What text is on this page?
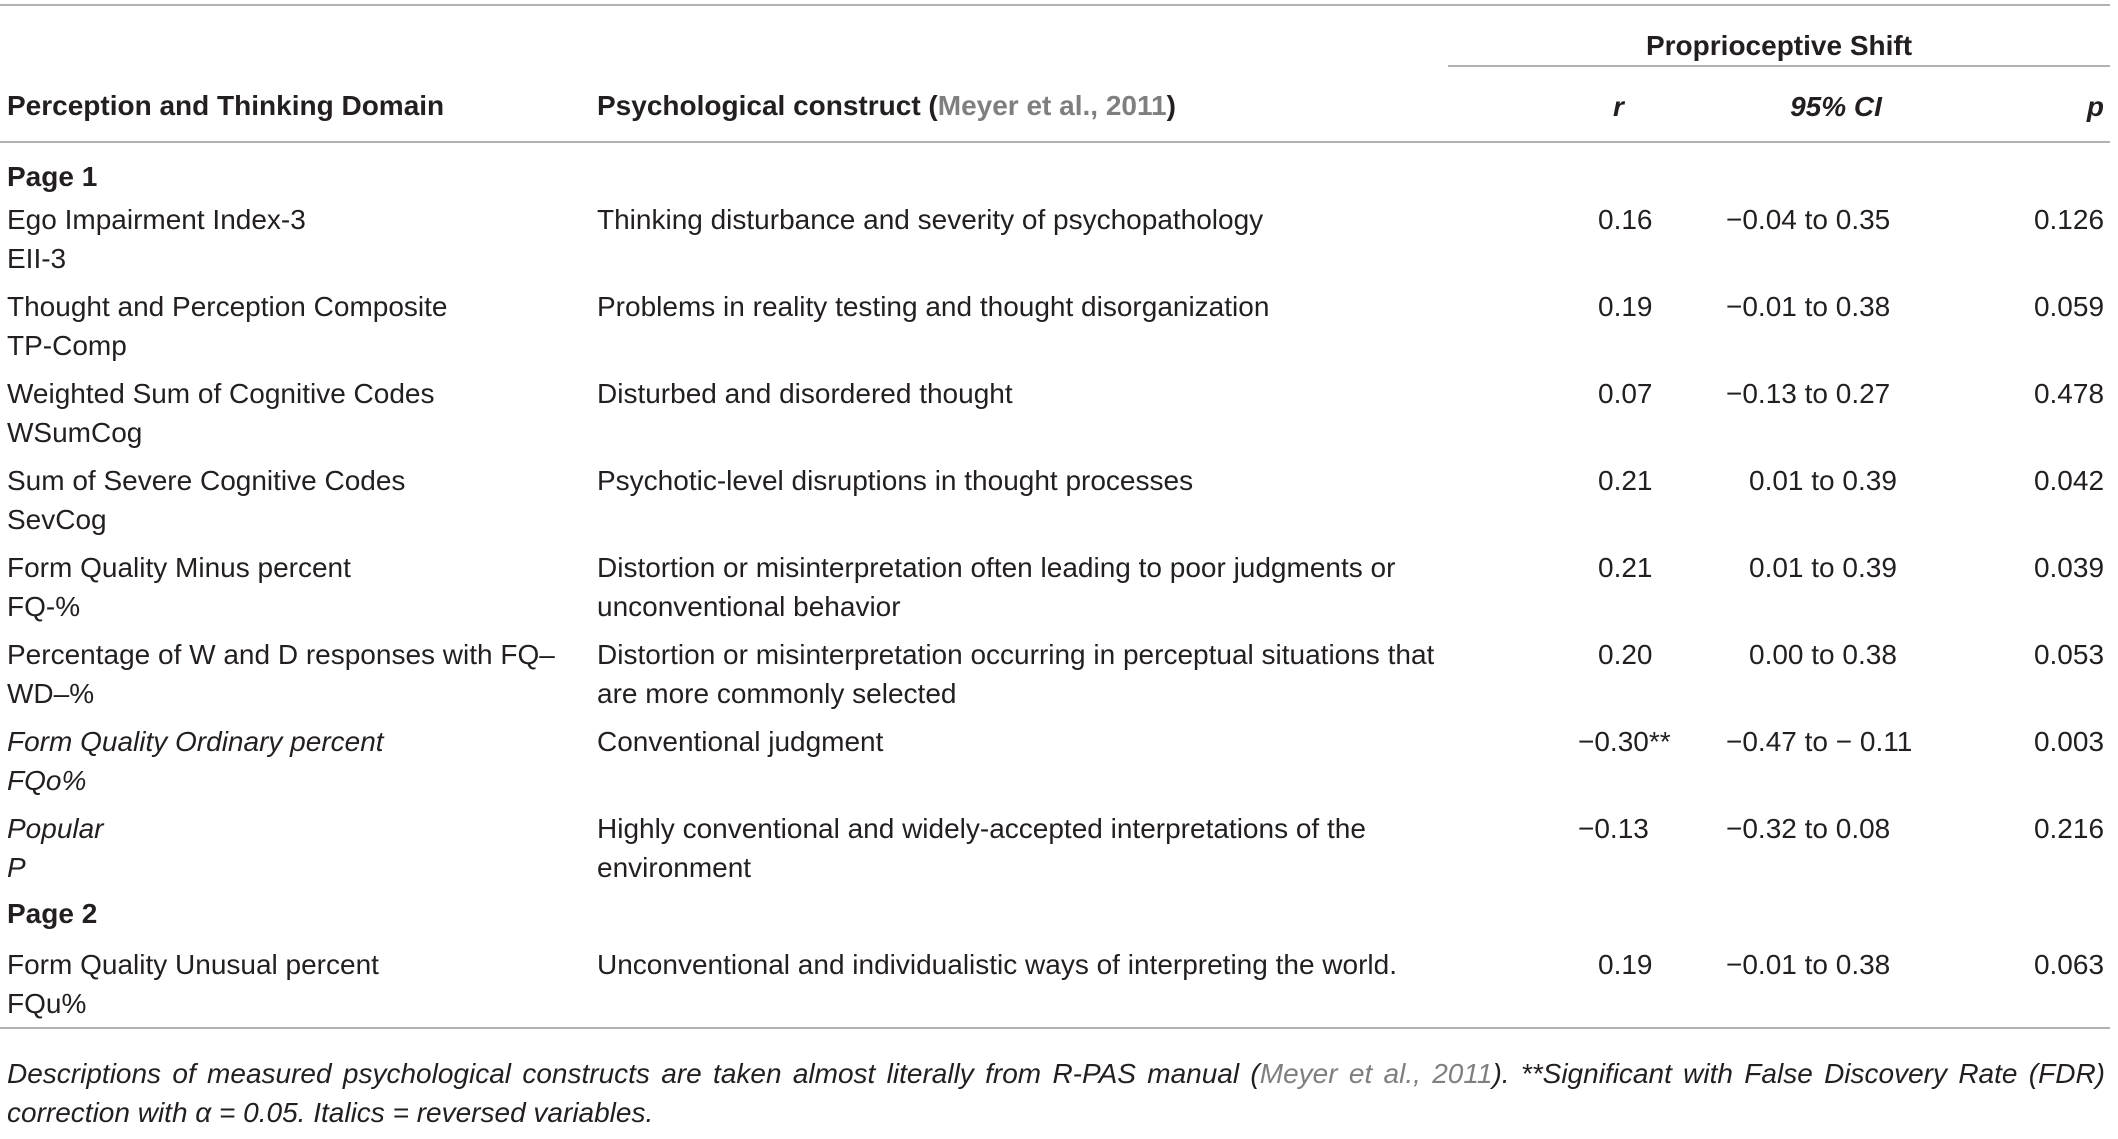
		Proprioceptive Shift		
Perception and Thinking Domain	Psychological construct (Meyer et al., 2011)	r	95% CI	p
Page 1				

Ego Impairment Index-3
EII-3	Thinking disturbance and severity of psychopathology	0.16	−0.04 to 0.35	0.126

Thought and Perception Composite
TP-Comp	Problems in reality testing and thought disorganization	0.19	−0.01 to 0.38	0.059

Weighted Sum of Cognitive Codes
WSumCog	Disturbed and disordered thought	0.07	−0.13 to 0.27	0.478

Sum of Severe Cognitive Codes
SevCog	Psychotic-level disruptions in thought processes	0.21	0.01 to 0.39	0.042

Form Quality Minus percent
FQ-%	Distortion or misinterpretation often leading to poor judgments or unconventional behavior	0.21	0.01 to 0.39	0.039

Percentage of W and D responses with FQ–
WD–%	Distortion or misinterpretation occurring in perceptual situations that are more commonly selected	0.20	0.00 to 0.38	0.053

Form Quality Ordinary percent
FQo%	Conventional judgment	−0.30**	−0.47 to − 0.11	0.003

Popular
P	Highly conventional and widely-accepted interpretations of the environment	−0.13	−0.32 to 0.08	0.216
Page 2				

Form Quality Unusual percent
FQu%	Unconventional and individualistic ways of interpreting the world.	0.19	−0.01 to 0.38	0.063
Descriptions of measured psychological constructs are taken almost literally from R-PAS manual (Meyer et al., 2011). **Significant with False Discovery Rate (FDR) correction with α = 0.05. Italics = reversed variables.
